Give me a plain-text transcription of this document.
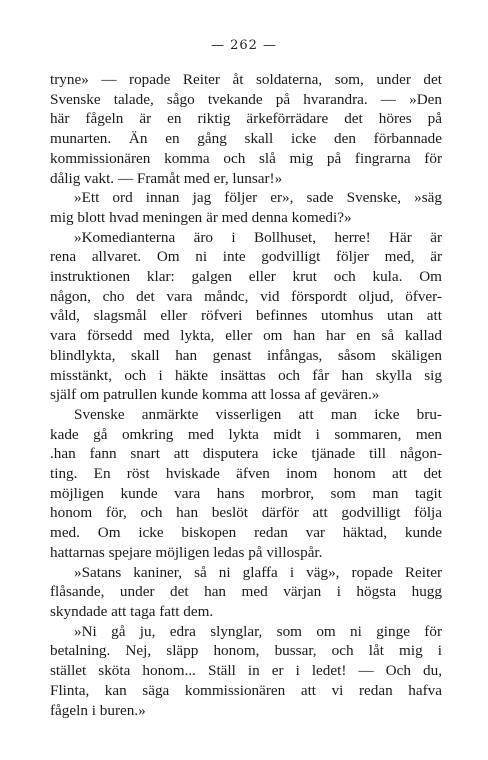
— 262 —

tryne» — ropade Reiter åt soldaterna, som, under det

Svenske talade, sågo tvekande på hvarandra. — »Den

här fågeln är en riktig ärkeförrädare det höres på

munarten. Än en gång skall icke den förbannade

kommissionären komma och slå mig på fingrarna för

dålig vakt. — Framåt med er, lunsar!»

»Ett ord innan jag följer er», sade Svenske, »säg

mig blott hvad meningen är med denna komedi?»

»Komedianterna äro i Bollhuset, herre! Här är

rena allvaret. Om ni inte godvilligt följer med, är

instruktionen klar: galgen eller krut och kula. Om

någon, cho det vara måndc, vid förspordt oljud, öfver-

våld, slagsmål eller röfveri befinnes utomhus utan att

vara försedd med lykta, eller om han har en så kallad

blindlykta, skall han genast infångas, såsom skäligen

misstänkt, och i häkte insättas och får han skylla sig

själf om patrullen kunde komma att lossa af gevären.»

Svenske anmärkte visserligen att man icke bru-

kade gå omkring med lykta midt i sommaren, men

.han fann snart att disputera icke tjänade till någon-

ting. En röst hviskade äfven inom honom att det

möjligen kunde vara hans morbror, som man tagit

honom för, och han beslöt därför att godvilligt följa

med. Om icke biskopen redan var häktad, kunde

hattarnas spejare möjligen ledas på villospår.

»Satans kaniner, så ni glaffa i väg», ropade Reiter

flåsande, under det han med värjan i högsta hugg

skyndade att taga fatt dem.

»Ni gå ju, edra slynglar, som om ni ginge för

betalning. Nej, släpp honom, bussar, och låt mig i

stället sköta honom... Ställ in er i ledet! — Och du,

Flinta, kan säga kommissionären att vi redan hafva

fågeln i buren.»
